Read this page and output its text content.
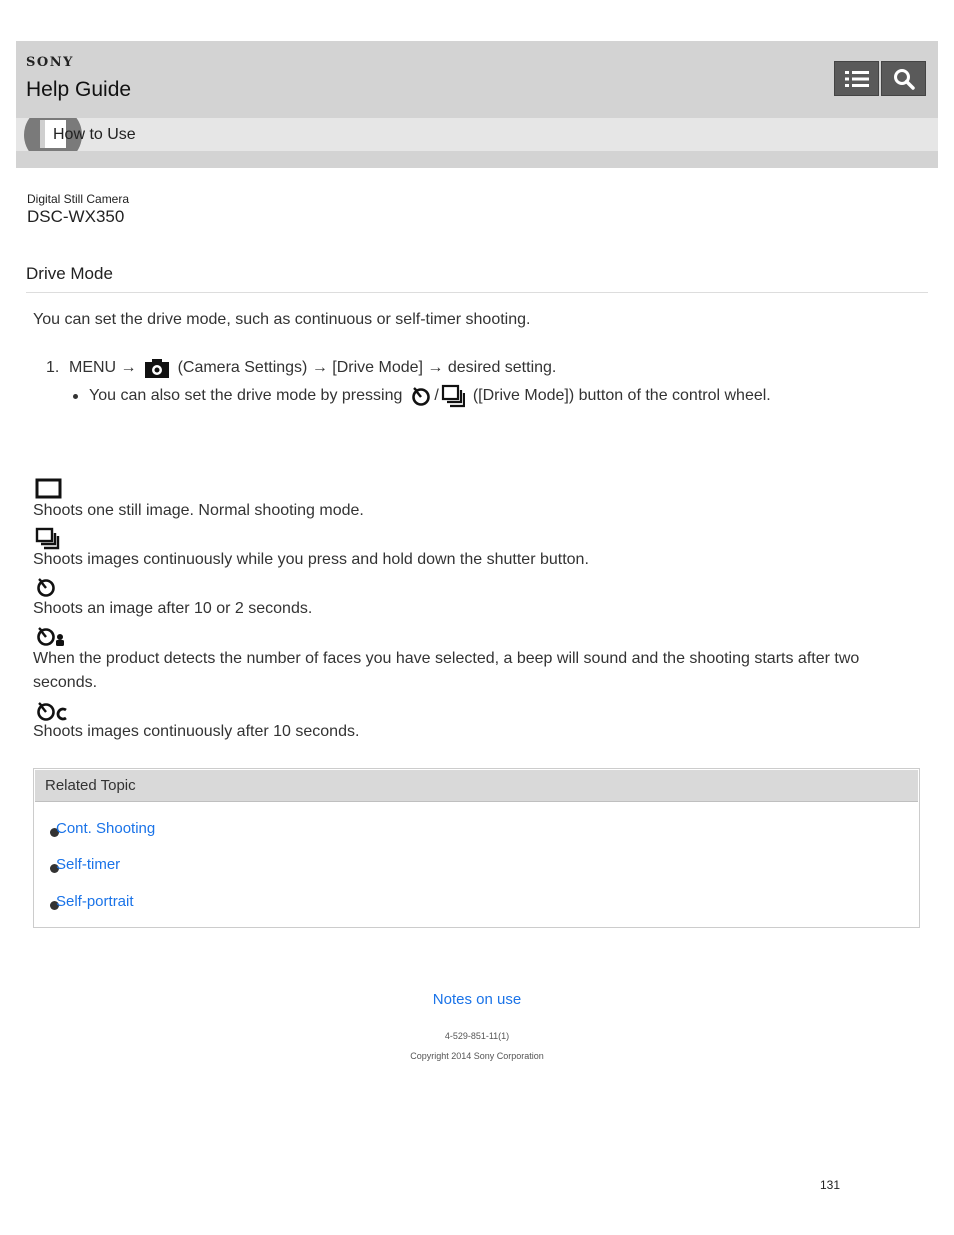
SONY
Help Guide
How to Use
Digital Still Camera
DSC-WX350
Drive Mode
You can set the drive mode, such as continuous or self-timer shooting.
1. MENU →	(Camera Settings) → [Drive Mode] → desired setting.
You can also set the drive mode by pressing / ([Drive Mode]) button of the control wheel.
Shoots one still image. Normal shooting mode.
Shoots images continuously while you press and hold down the shutter button.
Shoots an image after 10 or 2 seconds.
When the product detects the number of faces you have selected, a beep will sound and the shooting starts after two seconds.
Shoots images continuously after 10 seconds.
Related Topic
Cont. Shooting
Self-timer
Self-portrait
Notes on use
4-529-851-11(1)
Copyright 2014 Sony Corporation
131
